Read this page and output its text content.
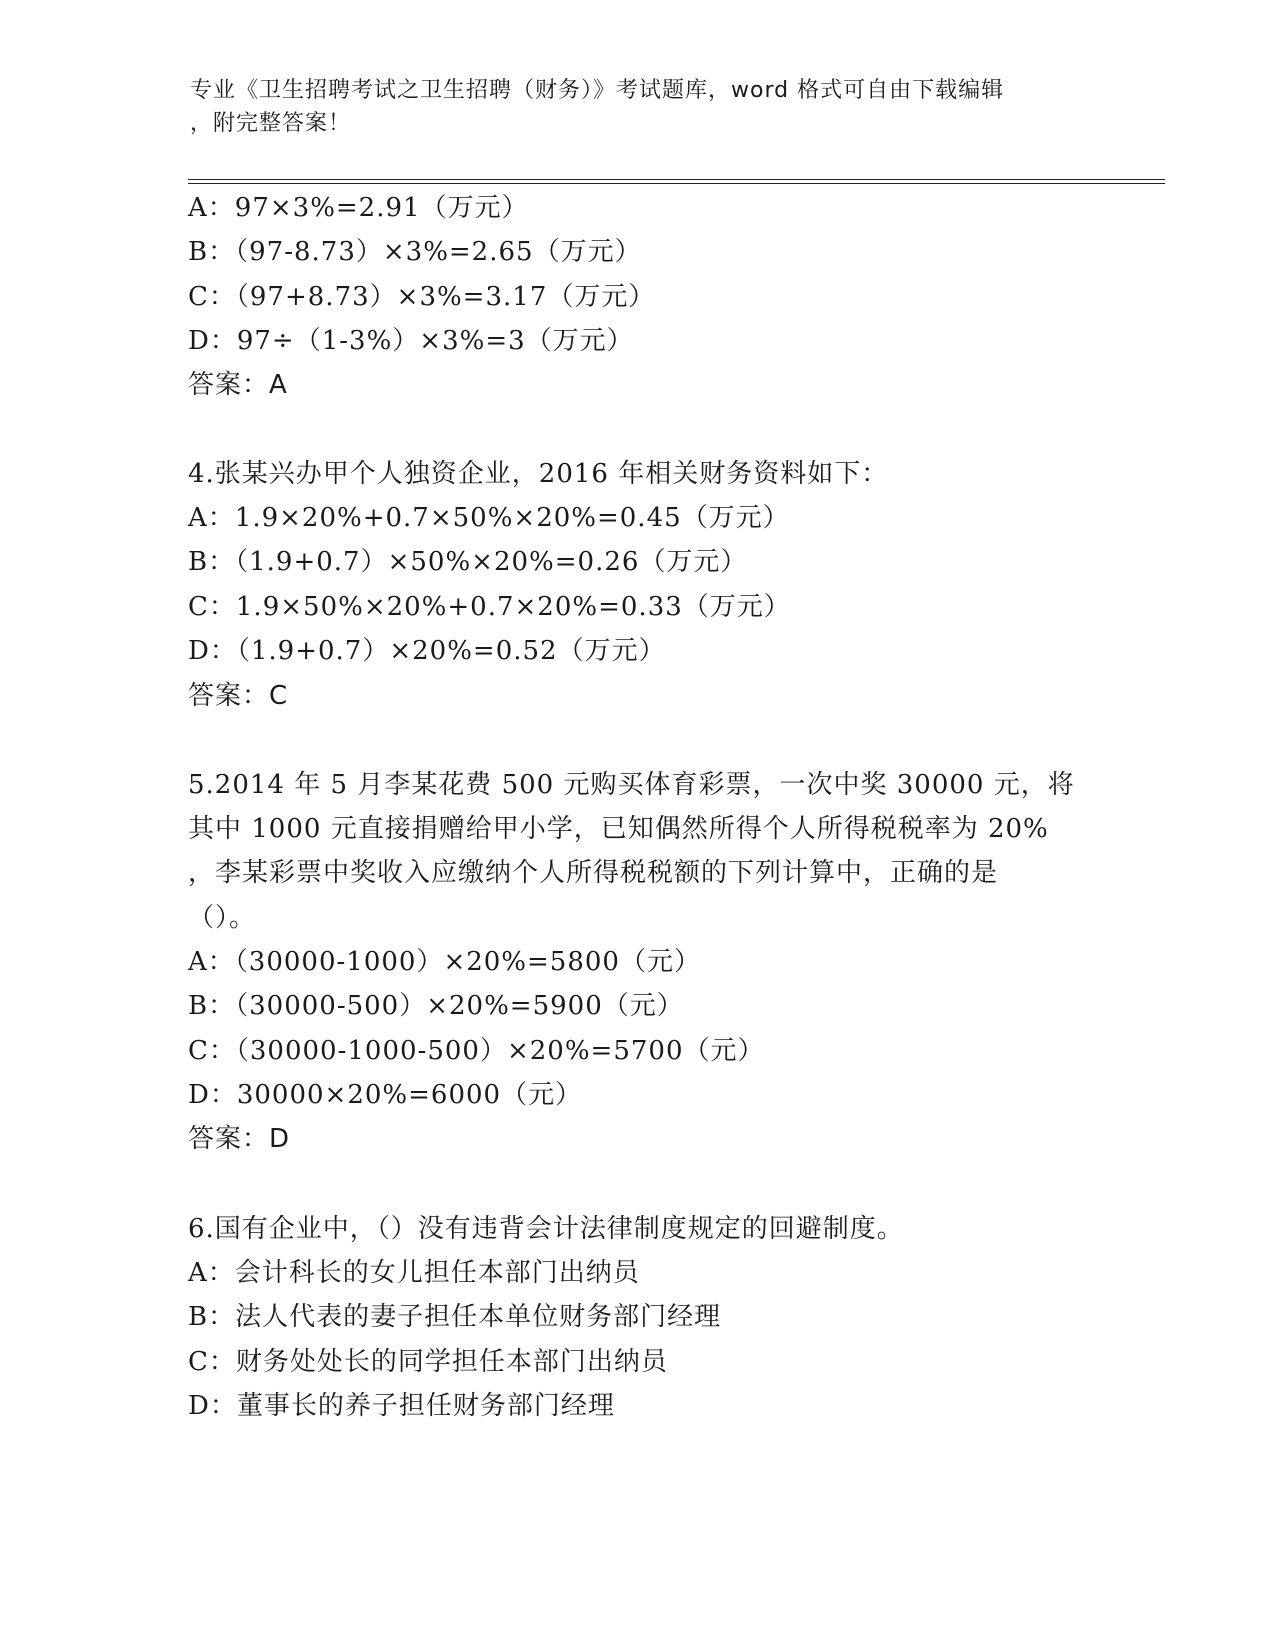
专业《卫生招聘考试之卫生招聘（财务）》考试题库，word 格式可自由下载编辑
，附完整答案！
A：97×3%=2.91（万元）
B：（97-8.73）×3%=2.65（万元）
C：（97+8.73）×3%=3.17（万元）
D：97÷（1-3%）×3%=3（万元）
答案：A
4.张某兴办甲个人独资企业，2016 年相关财务资料如下：
A：1.9×20%+0.7×50%×20%=0.45（万元）
B：（1.9+0.7）×50%×20%=0.26（万元）
C：1.9×50%×20%+0.7×20%=0.33（万元）
D：（1.9+0.7）×20%=0.52（万元）
答案：C
5.2014 年 5 月李某花费 500 元购买体育彩票，一次中奖 30000 元，将
其中 1000 元直接捐赠给甲小学，已知偶然所得个人所得税税率为 20%
，李某彩票中奖收入应缴纳个人所得税税额的下列计算中，正确的是
（）。
A：（30000-1000）×20%=5800（元）
B：（30000-500）×20%=5900（元）
C：（30000-1000-500）×20%=5700（元）
D：30000×20%=6000（元）
答案：D
6.国有企业中，（）没有违背会计法律制度规定的回避制度。
A：会计科长的女儿担任本部门出纳员
B：法人代表的妻子担任本单位财务部门经理
C：财务处处长的同学担任本部门出纳员
D：董事长的养子担任财务部门经理
